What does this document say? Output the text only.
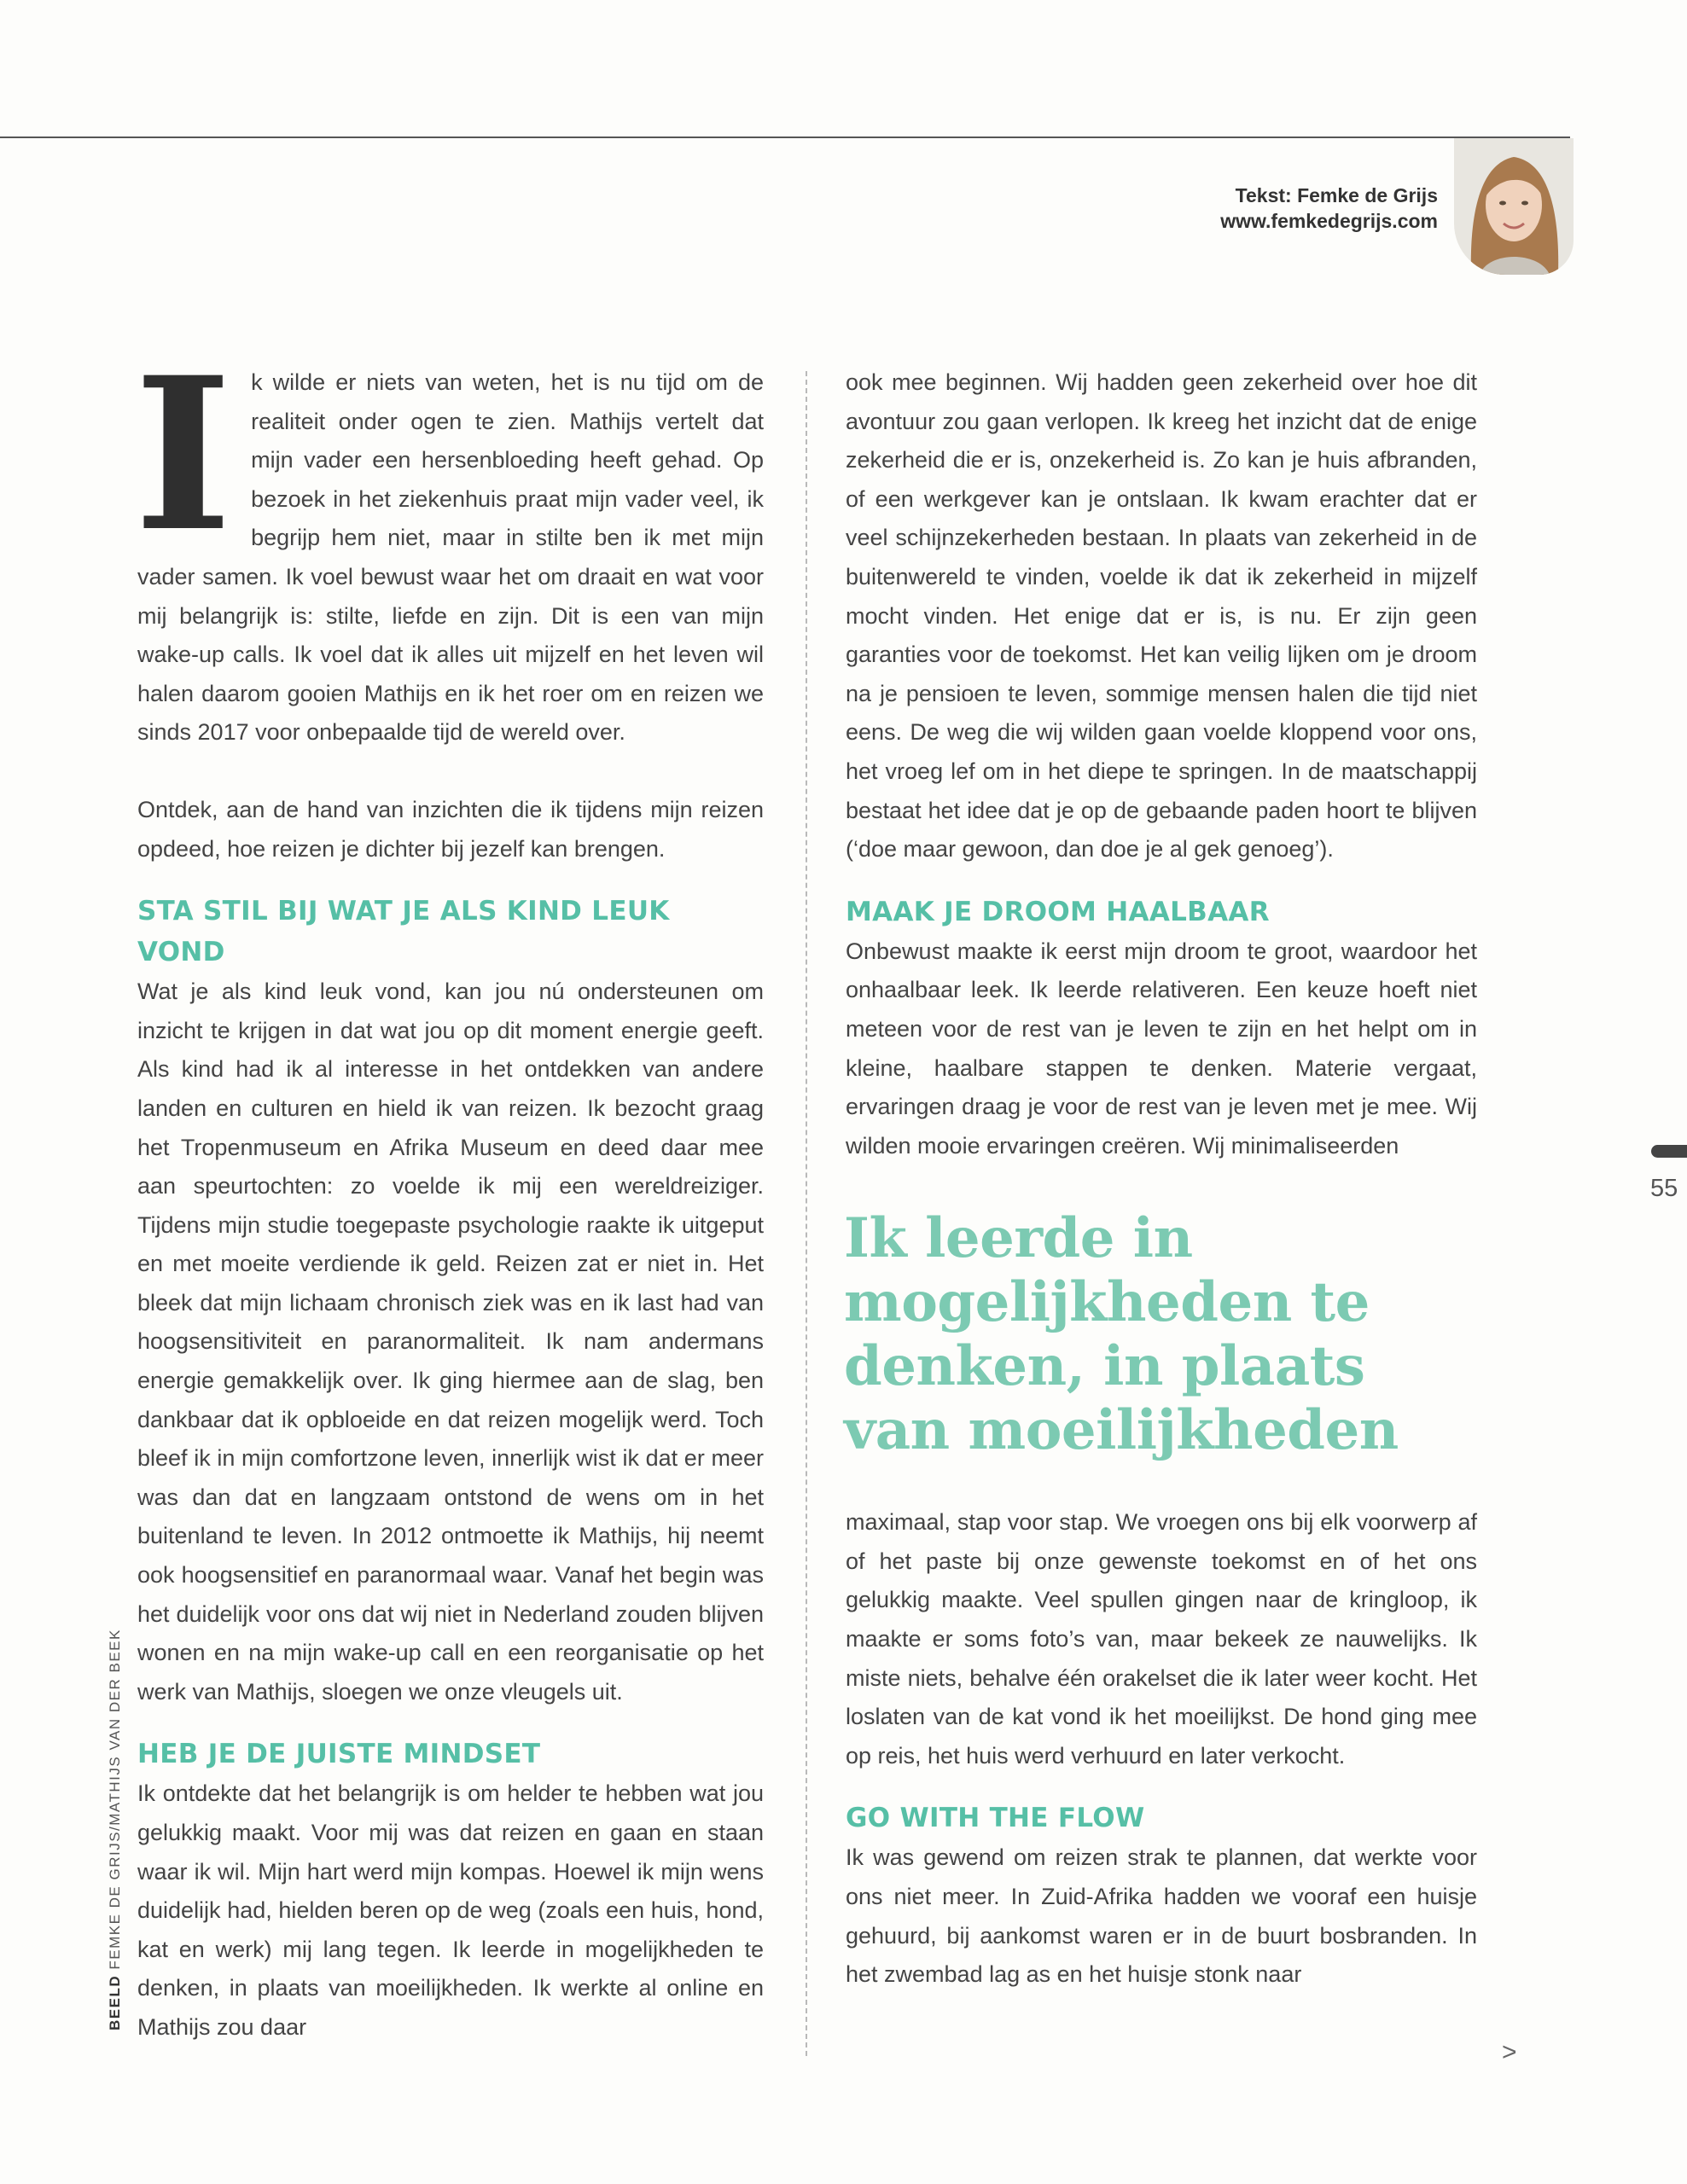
Tekst: Femke de Grijs
www.femkedegrijs.com
I k wilde er niets van weten, het is nu tijd om de realiteit onder ogen te zien. Mathijs vertelt dat mijn vader een hersenbloeding heeft gehad. Op bezoek in het ziekenhuis praat mijn vader veel, ik begrijp hem niet, maar in stilte ben ik met mijn vader samen. Ik voel bewust waar het om draait en wat voor mij belangrijk is: stilte, liefde en zijn. Dit is een van mijn wake-up calls. Ik voel dat ik alles uit mijzelf en het leven wil halen daarom gooien Mathijs en ik het roer om en reizen we sinds 2017 voor onbepaalde tijd de wereld over.

Ontdek, aan de hand van inzichten die ik tijdens mijn reizen opdeed, hoe reizen je dichter bij jezelf kan brengen.

STA STIL BIJ WAT JE ALS KIND LEUK VOND

Wat je als kind leuk vond, kan jou nú ondersteunen om inzicht te krijgen in dat wat jou op dit moment energie geeft. Als kind had ik al interesse in het ontdekken van andere landen en culturen en hield ik van reizen. Ik bezocht graag het Tropenmuseum en Afrika Museum en deed daar mee aan speurtochten: zo voelde ik mij een wereldreiziger. Tijdens mijn studie toegepaste psychologie raakte ik uitgeput en met moeite verdiende ik geld. Reizen zat er niet in. Het bleek dat mijn lichaam chronisch ziek was en ik last had van hoogsensitiviteit en paranormaliteit. Ik nam andermans energie gemakkelijk over. Ik ging hiermee aan de slag, ben dankbaar dat ik opbloeide en dat reizen mogelijk werd. Toch bleef ik in mijn comfortzone leven, innerlijk wist ik dat er meer was dan dat en langzaam ontstond de wens om in het buitenland te leven. In 2012 ontmoette ik Mathijs, hij neemt ook hoogsensitief en paranormaal waar. Vanaf het begin was het duidelijk voor ons dat wij niet in Nederland zouden blijven wonen en na mijn wake-up call en een reorganisatie op het werk van Mathijs, sloegen we onze vleugels uit.

HEB JE DE JUISTE MINDSET

Ik ontdekte dat het belangrijk is om helder te hebben wat jou gelukkig maakt. Voor mij was dat reizen en gaan en staan waar ik wil. Mijn hart werd mijn kompas. Hoewel ik mijn wens duidelijk had, hielden beren op de weg (zoals een huis, hond, kat en werk) mij lang tegen. Ik leerde in mogelijkheden te denken, in plaats van moeilijkheden. Ik werkte al online en Mathijs zou daar

ook mee beginnen. Wij hadden geen zekerheid over hoe dit avontuur zou gaan verlopen. Ik kreeg het inzicht dat de enige zekerheid die er is, onzekerheid is. Zo kan je huis afbranden, of een werkgever kan je ontslaan. Ik kwam erachter dat er veel schijnzekerheden bestaan. In plaats van zekerheid in de buitenwereld te vinden, voelde ik dat ik zekerheid in mijzelf mocht vinden. Het enige dat er is, is nu. Er zijn geen garanties voor de toekomst. Het kan veilig lijken om je droom na je pensioen te leven, sommige mensen halen die tijd niet eens. De weg die wij wilden gaan voelde kloppend voor ons, het vroeg lef om in het diepe te springen. In de maatschappij bestaat het idee dat je op de gebaande paden hoort te blijven (‘doe maar gewoon, dan doe je al gek genoeg’).

MAAK JE DROOM HAALBAAR

Onbewust maakte ik eerst mijn droom te groot, waardoor het onhaalbaar leek. Ik leerde relativeren. Een keuze hoeft niet meteen voor de rest van je leven te zijn en het helpt om in kleine, haalbare stappen te denken. Materie vergaat, ervaringen draag je voor de rest van je leven met je mee. Wij wilden mooie ervaringen creëren. Wij minimaliseerden

Ik leerde in mogelijkheden te denken, in plaats van moeilijkheden

maximaal, stap voor stap. We vroegen ons bij elk voorwerp af of het paste bij onze gewenste toekomst en of het ons gelukkig maakte. Veel spullen gingen naar de kringloop, ik maakte er soms foto’s van, maar bekeek ze nauwelijks. Ik miste niets, behalve één orakelset die ik later weer kocht. Het loslaten van de kat vond ik het moeilijkst. De hond ging mee op reis, het huis werd verhuurd en later verkocht.

GO WITH THE FLOW

Ik was gewend om reizen strak te plannen, dat werkte voor ons niet meer. In Zuid-Afrika hadden we vooraf een huisje gehuurd, bij aankomst waren er in de buurt bosbranden. In het zwembad lag as en het huisje stonk naar

BEELD FEMKE DE GRIJS/MATHIJS VAN DER BEEK
55
>
